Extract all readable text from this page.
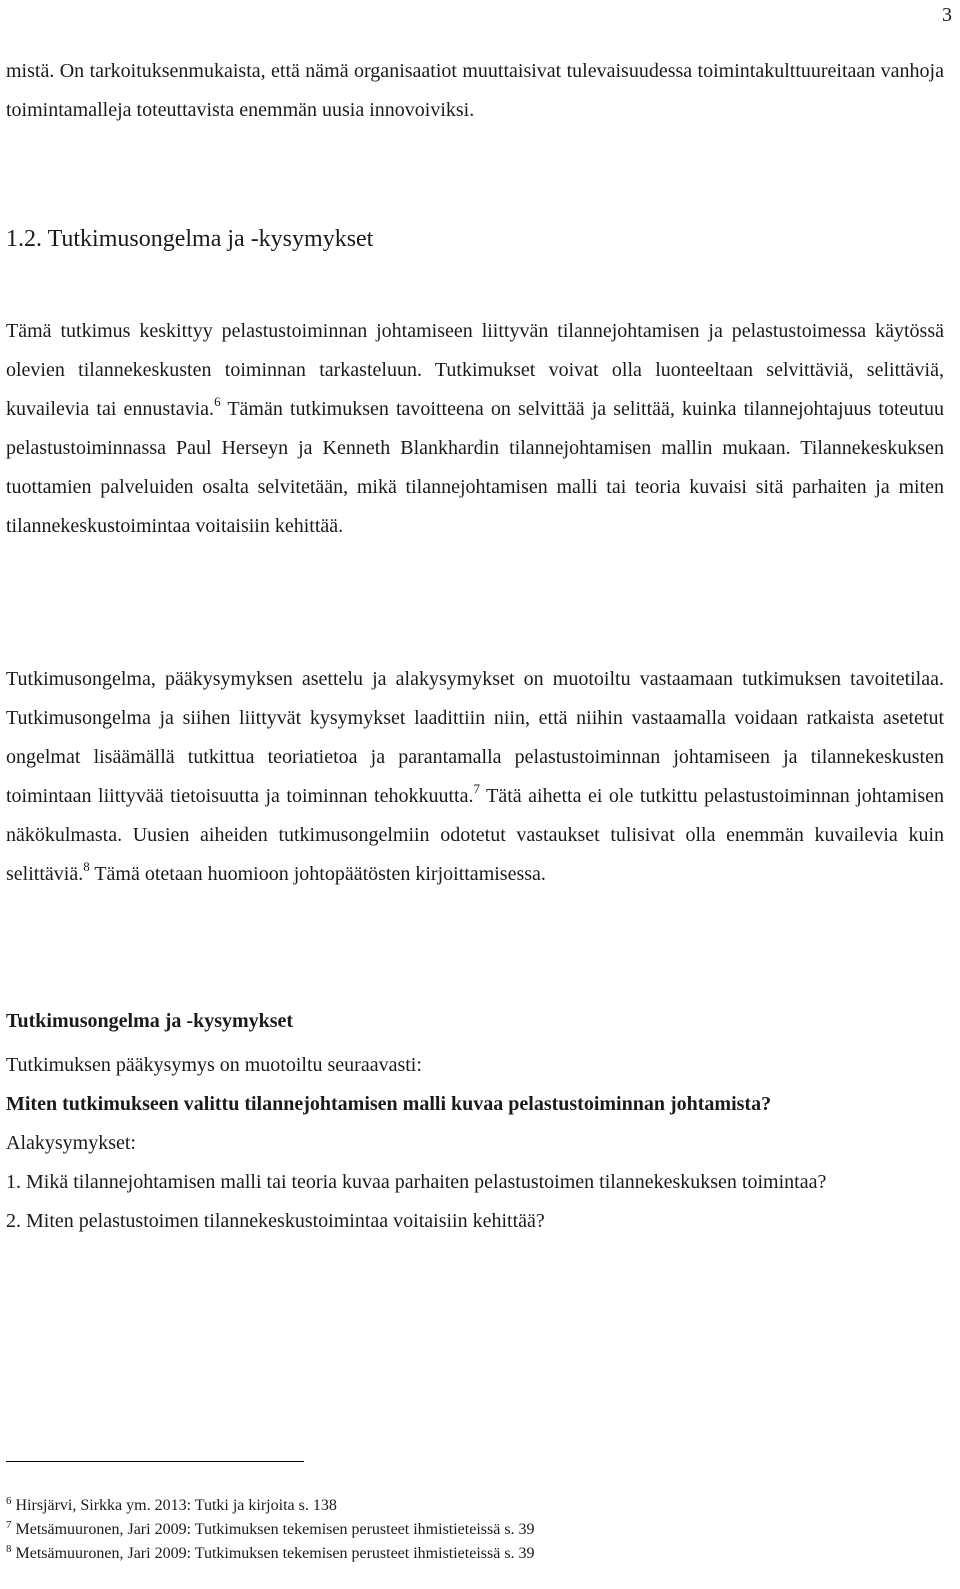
3

mistä. On tarkoituksenmukaista, että nämä organisaatiot muuttaisivat tulevaisuudessa toimintakulttuureitaan vanhoja toimintamalleja toteuttavista enemmän uusia innovoiviksi.

1.2. Tutkimusongelma ja -kysymykset

Tämä tutkimus keskittyy pelastustoiminnan johtamiseen liittyvän tilannejohtamisen ja pelastustoimessa käytössä olevien tilannekeskusten toiminnan tarkasteluun. Tutkimukset voivat olla luonteeltaan selvittäviä, selittäviä, kuvailevia tai ennustavia.$^6$ Tämän tutkimuksen tavoitteena on selvittää ja selittää, kuinka tilannejohtajuus toteutuu pelastustoiminnassa Paul Herseyn ja Kenneth Blankhardin tilannejohtamisen mallin mukaan. Tilannekeskuksen tuottamien palveluiden osalta selvitetään, mikä tilannejohtamisen malli tai teoria kuvaisi sitä parhaiten ja miten tilannekeskustoimintaa voitaisiin kehittää.

Tutkimusongelma, pääkysymyksen asettelu ja alakysymykset on muotoiltu vastaamaan tutkimuksen tavoitetilaa. Tutkimusongelma ja siihen liittyvät kysymykset laadittiin niin, että niihin vastaamalla voidaan ratkaista asetetut ongelmat lisäämällä tutkittua teoriatietoa ja parantamalla pelastustoiminnan johtamiseen ja tilannekeskusten toimintaan liittyvää tietoisuutta ja toiminnan tehokkuutta.$^7$ Tätä aihetta ei ole tutkittu pelastustoiminnan johtamisen näkökulmasta. Uusien aiheiden tutkimusongelmiin odotetut vastaukset tulisivat olla enemmän kuvailevia kuin selittäviä.$^8$ Tämä otetaan huomioon johtopäätösten kirjoittamisessa.

Tutkimusongelma ja -kysymykset

Tutkimuksen pääkysymys on muotoiltu seuraavasti:

Miten tutkimukseen valittu tilannejohtamisen malli kuvaa pelastustoiminnan johtamista?

Alakysymykset:

1. Mikä tilannejohtamisen malli tai teoria kuvaa parhaiten pelastustoimen tilannekeskuksen toimintaa?

2. Miten pelastustoimen tilannekeskustoimintaa voitaisiin kehittää?

$^6$ Hirsjärvi, Sirkka ym. 2013: Tutki ja kirjoita s. 138

$^7$ Metsämuuronen, Jari 2009: Tutkimuksen tekemisen perusteet ihmistieteissä s. 39

$^8$ Metsämuuronen, Jari 2009: Tutkimuksen tekemisen perusteet ihmistieteissä s. 39
